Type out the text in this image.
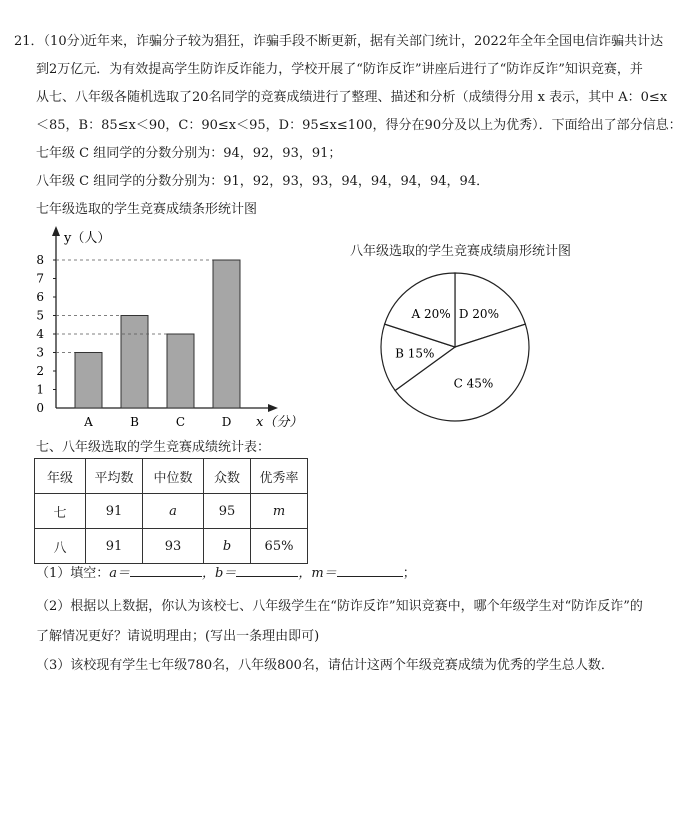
21．（10分）
近年来，诈骗分子较为猖狂，诈骗手段不断更新，据有关部门统计，2022年全年全国电信诈骗共计达
到2万亿元．为有效提高学生防诈反诈能力，学校开展了“防诈反诈”讲座后进行了“防诈反诈”知识竞赛，并
从七、八年级各随机选取了20名同学的竞赛成绩进行了整理、描述和分析（成绩得分用 x 表示，其中 A：0≤x
＜85，B：85≤x＜90，C：90≤x＜95，D：95≤x≤100，得分在90分及以上为优秀）．下面给出了部分信息：
七年级 C 组同学的分数分别为：94，92，93，91；
八年级 C 组同学的分数分别为：91，92，93，93，94，94，94，94，94．
七年级选取的学生竞赛成绩条形统计图
y（人）
x（分）
0
1
2
3
4
5
6
7
8
A	B	C	D
八年级选取的学生竞赛成绩扇形统计图
D 20%
C 45%
B 15%
A 20%
七、八年级选取的学生竞赛成绩统计表：
年级	平均数	中位数	众数	优秀率
七	91	a	95	m
八	91	93	b	65%
（1）填空：a＝	，b＝	，m＝	；
（2）根据以上数据，你认为该校七、八年级学生在“防诈反诈”知识竞赛中，哪个年级学生对“防诈反诈”的
了解情况更好？请说明理由；(写出一条理由即可)
（3）该校现有学生七年级780名，八年级800名，请估计这两个年级竞赛成绩为优秀的学生总人数．
